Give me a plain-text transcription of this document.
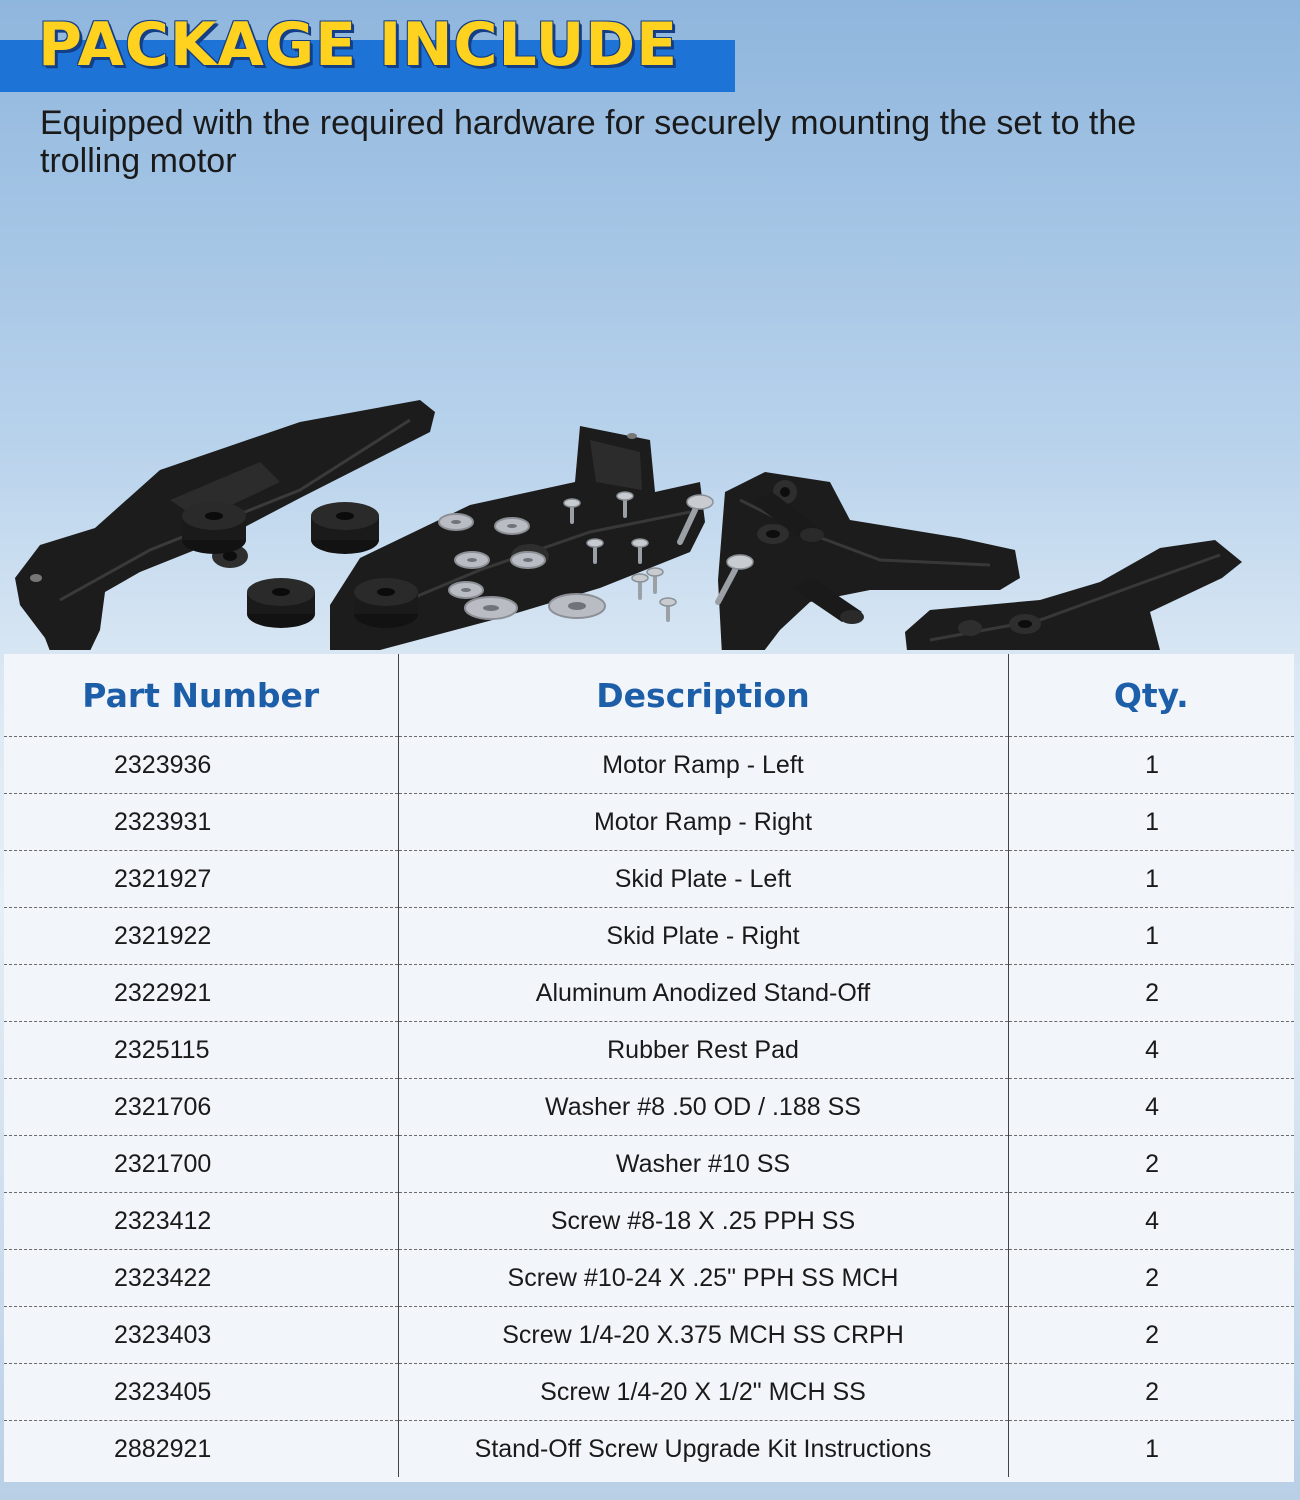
PACKAGE INCLUDE

Equipped with the required hardware for securely mounting the set to the trolling motor

Part Number	Description	Qty.
2323936	Motor Ramp - Left	1
2323931	Motor Ramp - Right	1
2321927	Skid Plate - Left	1
2321922	Skid Plate - Right	1
2322921	Aluminum Anodized Stand-Off	2
2325115	Rubber Rest Pad	4
2321706	Washer #8 .50 OD / .188 SS	4
2321700	Washer #10 SS	2
2323412	Screw #8-18 X .25 PPH SS	4
2323422	Screw #10-24 X .25" PPH SS MCH	2
2323403	Screw 1/4-20 X.375 MCH SS CRPH	2
2323405	Screw 1/4-20 X 1/2" MCH SS	2
2882921	Stand-Off Screw Upgrade Kit Instructions	1
